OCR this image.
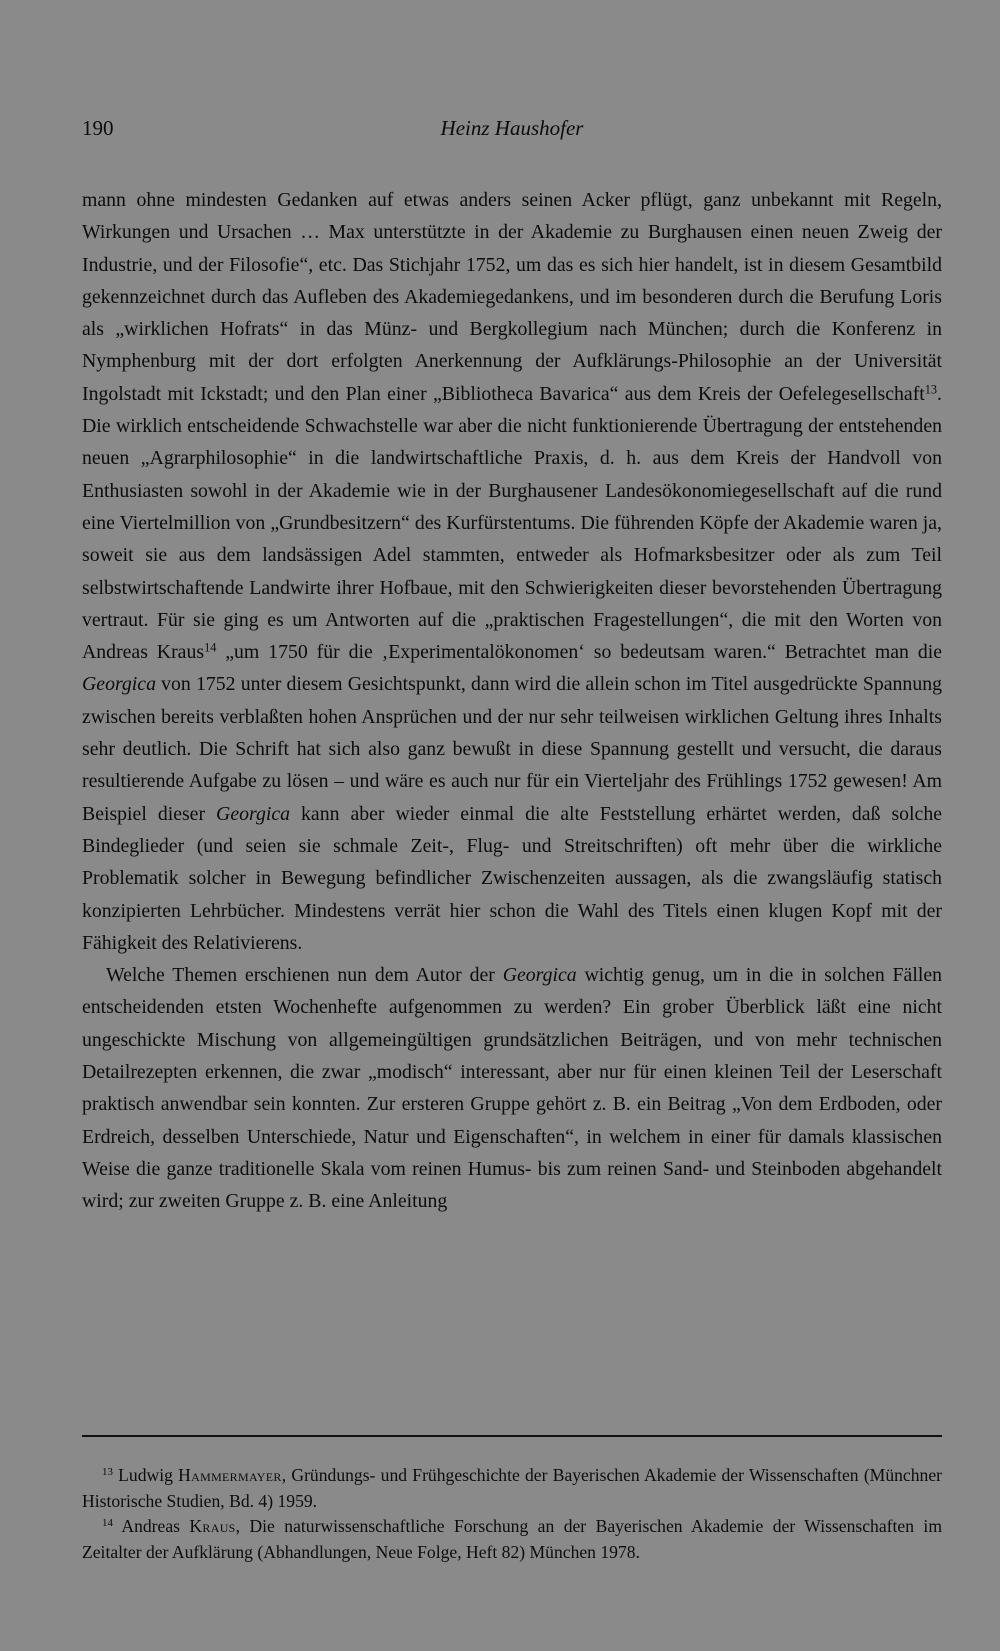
190	Heinz Haushofer

mann ohne mindesten Gedanken auf etwas anders seinen Acker pflügt, ganz unbekannt mit Regeln, Wirkungen und Ursachen … Max unterstützte in der Akademie zu Burghausen einen neuen Zweig der Industrie, und der Filosofie“, etc. Das Stichjahr 1752, um das es sich hier handelt, ist in diesem Gesamtbild gekennzeichnet durch das Aufleben des Akademiegedankens, und im besonderen durch die Berufung Loris als „wirklichen Hofrats“ in das Münz- und Bergkollegium nach München; durch die Konferenz in Nymphenburg mit der dort erfolgten Anerkennung der Aufklärungs-Philosophie an der Universität Ingolstadt mit Ickstadt; und den Plan einer „Bibliotheca Bavarica“ aus dem Kreis der Oefelegesellschaft$^{13}$. Die wirklich entscheidende Schwachstelle war aber die nicht funktionierende Übertragung der entstehenden neuen „Agrarphilosophie“ in die landwirtschaftliche Praxis, d. h. aus dem Kreis der Handvoll von Enthusiasten sowohl in der Akademie wie in der Burghausener Landesökonomiegesellschaft auf die rund eine Viertelmillion von „Grundbesitzern“ des Kurfürstentums. Die führenden Köpfe der Akademie waren ja, soweit sie aus dem landsässigen Adel stammten, entweder als Hofmarksbesitzer oder als zum Teil selbstwirtschaftende Landwirte ihrer Hofbaue, mit den Schwierigkeiten dieser bevorstehenden Übertragung vertraut. Für sie ging es um Antworten auf die „praktischen Fragestellungen“, die mit den Worten von Andreas Kraus$^{14}$ „um 1750 für die ‚Experimentalökonomen‘ so bedeutsam waren.“ Betrachtet man die Georgica von 1752 unter diesem Gesichtspunkt, dann wird die allein schon im Titel ausgedrückte Spannung zwischen bereits verblaßten hohen Ansprüchen und der nur sehr teilweisen wirklichen Geltung ihres Inhalts sehr deutlich. Die Schrift hat sich also ganz bewußt in diese Spannung gestellt und versucht, die daraus resultierende Aufgabe zu lösen – und wäre es auch nur für ein Vierteljahr des Frühlings 1752 gewesen! Am Beispiel dieser Georgica kann aber wieder einmal die alte Feststellung erhärtet werden, daß solche Bindeglieder (und seien sie schmale Zeit-, Flug- und Streitschriften) oft mehr über die wirkliche Problematik solcher in Bewegung befindlicher Zwischenzeiten aussagen, als die zwangsläufig statisch konzipierten Lehrbücher. Mindestens verrät hier schon die Wahl des Titels einen klugen Kopf mit der Fähigkeit des Relativierens.

Welche Themen erschienen nun dem Autor der Georgica wichtig genug, um in die in solchen Fällen entscheidenden etsten Wochenhefte aufgenommen zu werden? Ein grober Überblick läßt eine nicht ungeschickte Mischung von allgemeingültigen grundsätzlichen Beiträgen, und von mehr technischen Detailrezepten erkennen, die zwar „modisch“ interessant, aber nur für einen kleinen Teil der Leserschaft praktisch anwendbar sein konnten. Zur ersteren Gruppe gehört z. B. ein Beitrag „Von dem Erdboden, oder Erdreich, desselben Unterschiede, Natur und Eigenschaften“, in welchem in einer für damals klassischen Weise die ganze traditionelle Skala vom reinen Humus- bis zum reinen Sand- und Steinboden abgehandelt wird; zur zweiten Gruppe z. B. eine Anleitung

$^{13}$ Ludwig Hammermayer, Gründungs- und Frühgeschichte der Bayerischen Akademie der Wissenschaften (Münchner Historische Studien, Bd. 4) 1959.

$^{14}$ Andreas Kraus, Die naturwissenschaftliche Forschung an der Bayerischen Akademie der Wissenschaften im Zeitalter der Aufklärung (Abhandlungen, Neue Folge, Heft 82) München 1978.
